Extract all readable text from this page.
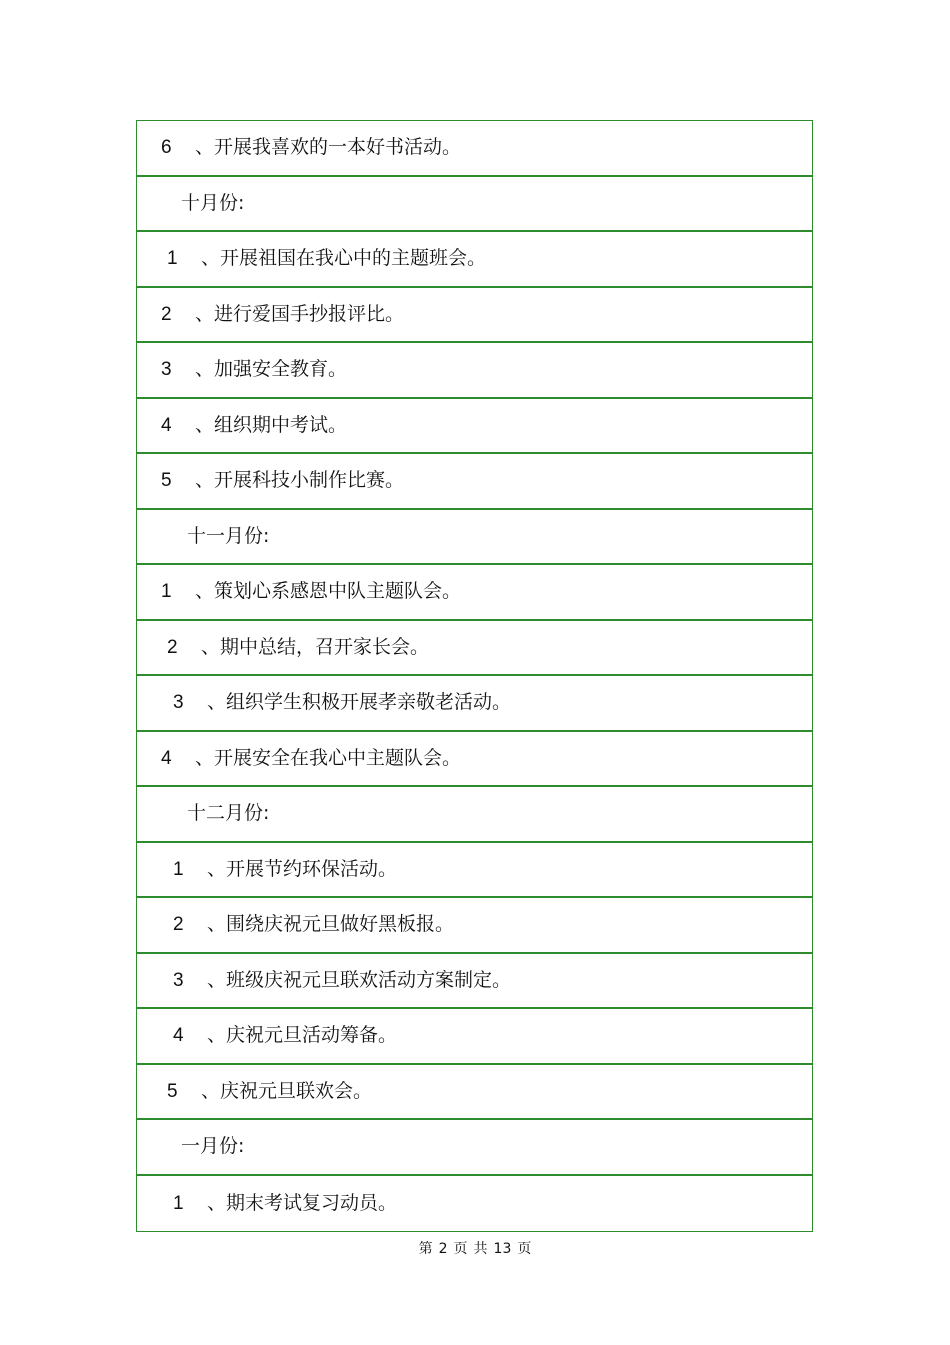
6	、开展我喜欢的一本好书活动。
十月份:
1	、开展祖国在我心中的主题班会。
2	、进行爱国手抄报评比。
3	、加强安全教育。
4	、组织期中考试。
5	、开展科技小制作比赛。
十一月份:
1	、策划心系感恩中队主题队会。
2	、期中总结，召开家长会。
3	、组织学生积极开展孝亲敬老活动。
4	、开展安全在我心中主题队会。
十二月份:
1	、开展节约环保活动。
2	、围绕庆祝元旦做好黑板报。
3	、班级庆祝元旦联欢活动方案制定。
4	、庆祝元旦活动筹备。
5	、庆祝元旦联欢会。
一月份:
1	、期末考试复习动员。
第 2 页 共 13 页
